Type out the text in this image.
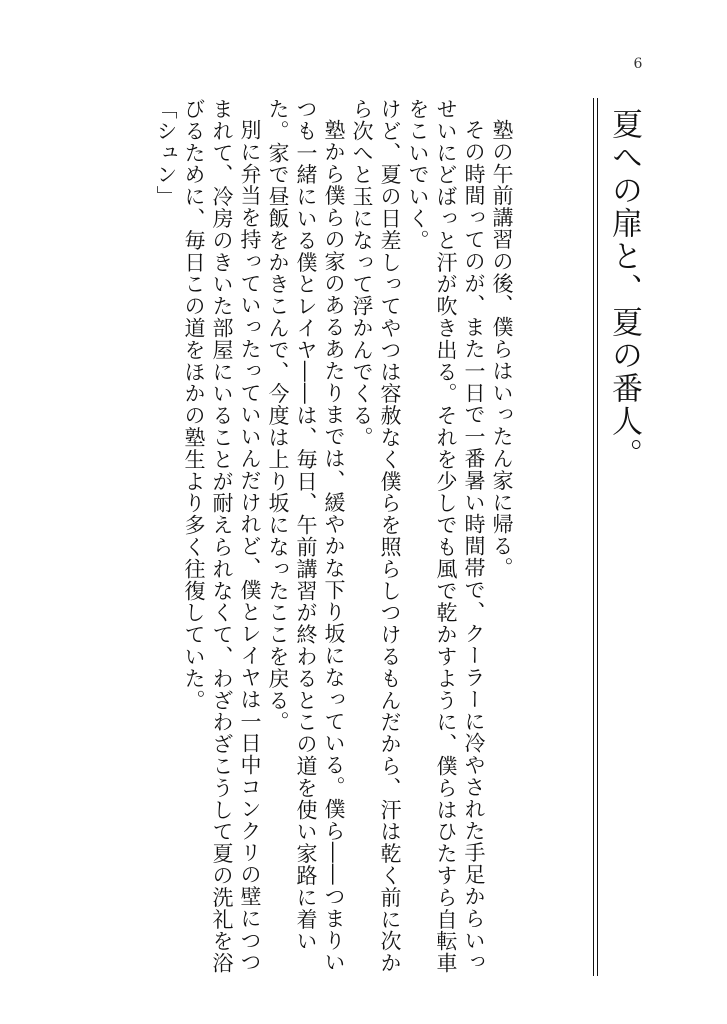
6
夏への扉と、夏の番人。

塾の午前講習の後、僕らはいったん家に帰る。

その時間ってのが、また一日で一番暑い時間帯で、クーラーに冷やされた手足からいっせいにどばっと汗が吹き出る。それを少しでも風で乾かすように、僕らはひたすら自転車をこいでいく。

けど、夏の日差しってやつは容赦なく僕らを照らしつけるもんだから、汗は乾く前に次から次へと玉になって浮かんでくる。

塾から僕らの家のあるあたりまでは、緩やかな下り坂になっている。僕ら――つまりいつも一緒にいる僕とレイヤ――は、毎日、午前講習が終わるとこの道を使い家路に着いた。家で昼飯をかきこんで、今度は上り坂になったここを戻る。

別に弁当を持っていったっていいんだけれど、僕とレイヤは一日中コンクリの壁につつまれて、冷房のきいた部屋にいることが耐えられなくて、わざわざこうして夏の洗礼を浴びるために、毎日この道をほかの塾生より多く往復していた。

「シュン」
